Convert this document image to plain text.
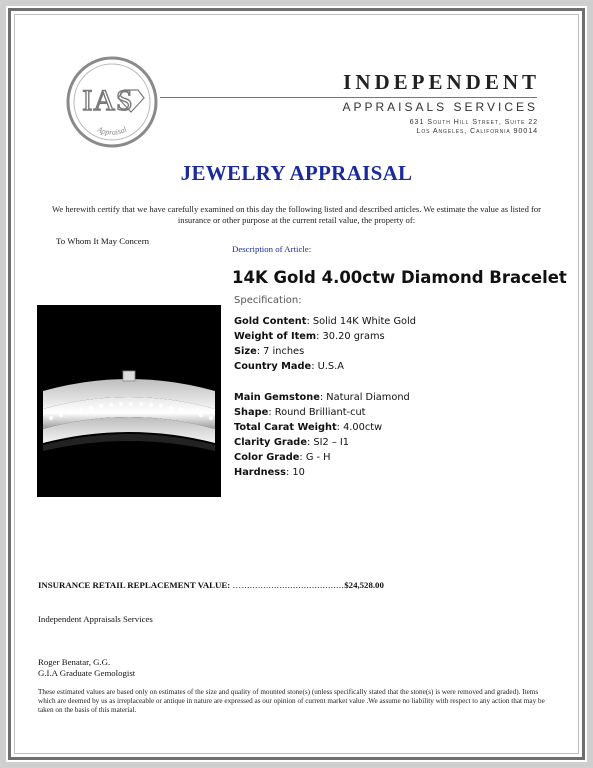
IAS
Appraisal
INDEPENDENT
APPRAISALS SERVICES
631 South Hill Street, Suite 22
Los Angeles, California 90014
JEWELRY APPRAISAL
We herewith certify that we have carefully examined on this day the following listed and described articles. We estimate the value as listed for insurance or other purpose at the current retail value, the property of:
To Whom It May Concern
Description of Article:
14K Gold 4.00ctw Diamond Bracelet
Specification:
Gold Content: Solid 14K White Gold
Weight of Item: 30.20 grams
Size: 7 inches
Country Made: U.S.A
Main Gemstone: Natural Diamond
Shape: Round Brilliant-cut
Total Carat Weight: 4.00ctw
Clarity Grade: SI2 – I1
Color Grade: G - H
Hardness: 10
INSURANCE RETAIL REPLACEMENT VALUE: …......................................$24,528.00
Independent Appraisals Services
Roger Benatar, G.G.
G.I.A Graduate Gemologist
These estimated values are based only on estimates of the size and quality of mounted stone(s) (unless specifically stated that the stone(s) is were removed and graded). Items which are deemed by us as irreplaceable or antique in nature are expressed as our opinion of current market value .We assume no liability with respect to any action that may be taken on the basis of this material.
